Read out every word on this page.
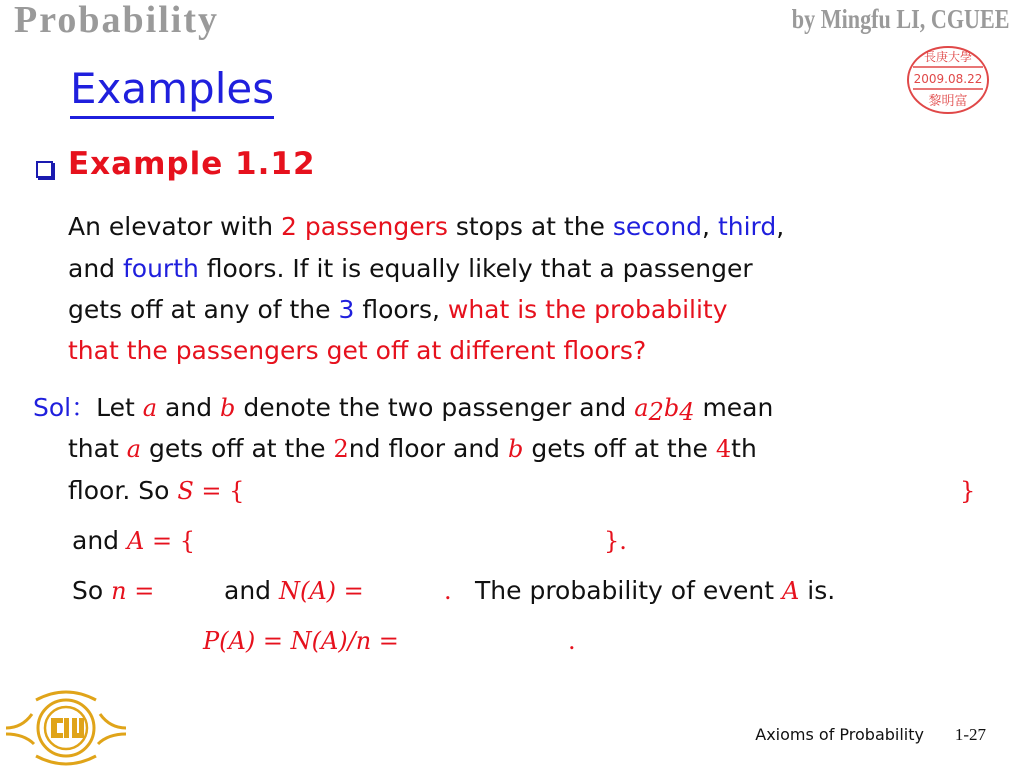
Probability	by Mingfu LI, CGUEE
長庚大學
2009.08.22
黎明富
Examples
Example 1.12
An elevator with 2 passengers stops at the second, third,
and fourth floors. If it is equally likely that a passenger
gets off at any of the 3 floors, what is the probability
that the passengers get off at different floors?
Sol：Let a and b denote the two passenger and $a_2b_4$ mean
that a gets off at the 2nd floor and b gets off at the 4th
floor. So S = {	}
and A = {	}.
So n =	and N(A) =	. The probability of event A is.
P(A) = N(A)/n =	.
Axioms of Probability 1-27
